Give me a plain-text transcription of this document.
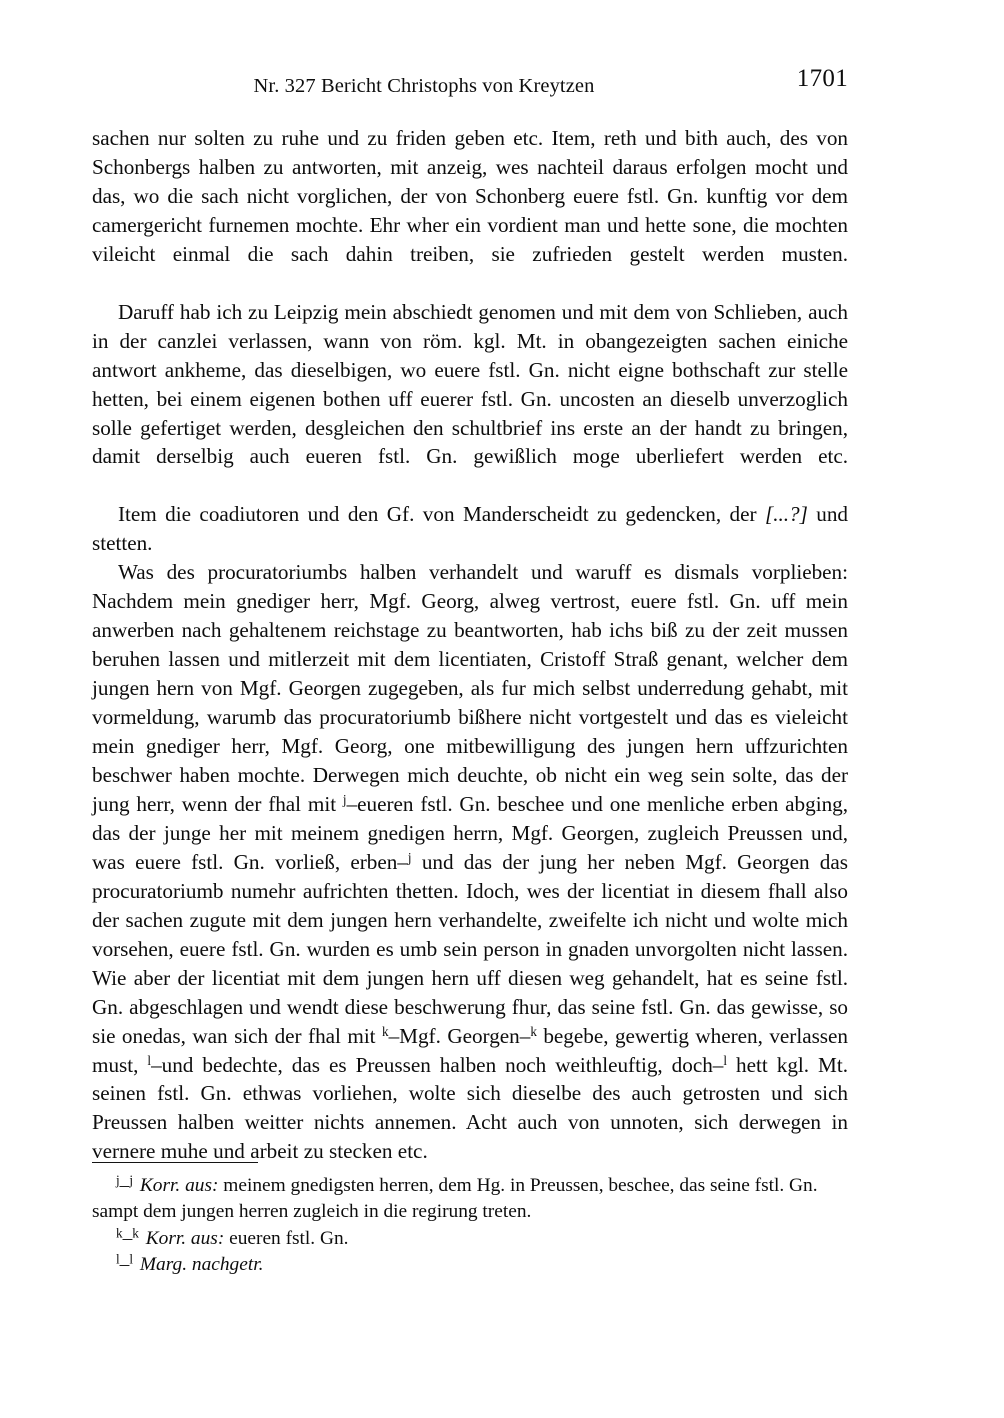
Nr. 327 Bericht Christophs von Kreytzen	1701

sachen nur solten zu ruhe und zu friden geben etc. Item, reth und bith auch, des von Schonbergs halben zu antworten, mit anzeig, wes nachteil daraus erfolgen mocht und das, wo die sach nicht vorglichen, der von Schonberg euere fstl. Gn. kunftig vor dem camergericht furnemen mochte. Ehr wher ein vordient man und hette sone, die mochten vileicht einmal die sach dahin treiben, sie zufrieden gestelt werden musten.

Daruff hab ich zu Leipzig mein abschiedt genomen und mit dem von Schlieben, auch in der canzlei verlassen, wann von röm. kgl. Mt. in obangezeigten sachen einiche antwort ankheme, das dieselbigen, wo euere fstl. Gn. nicht eigne bothschaft zur stelle hetten, bei einem eigenen bothen uff euerer fstl. Gn. uncosten an dieselb unverzoglich solle gefertiget werden, desgleichen den schultbrief ins erste an der handt zu bringen, damit derselbig auch eueren fstl. Gn. gewißlich moge uberliefert werden etc.

Item die coadiutoren und den Gf. von Manderscheidt zu gedencken, der [...?] und stetten.

Was des procuratoriumbs halben verhandelt und waruff es dismals vorplieben: Nachdem mein gnediger herr, Mgf. Georg, alweg vertrost, euere fstl. Gn. uff mein anwerben nach gehaltenem reichstage zu beantworten, hab ichs biß zu der zeit mussen beruhen lassen und mitlerzeit mit dem licentiaten, Cristoff Straß genant, welcher dem jungen hern von Mgf. Georgen zugegeben, als fur mich selbst underredung gehabt, mit vormeldung, warumb das procuratoriumb bißhere nicht vortgestelt und das es vieleicht mein gnediger herr, Mgf. Georg, one mitbewilligung des jungen hern uffzurichten beschwer haben mochte. Derwegen mich deuchte, ob nicht ein weg sein solte, das der jung herr, wenn der fhal mit $^j$–eueren fstl. Gn. beschee und one menliche erben abging, das der junge her mit meinem gnedigen herrn, Mgf. Georgen, zugleich Preussen und, was euere fstl. Gn. vorließ, erben–$^j$ und das der jung her neben Mgf. Georgen das procuratoriumb numehr aufrichten thetten. Idoch, wes der licentiat in diesem fhall also der sachen zugute mit dem jungen hern verhandelte, zweifelte ich nicht und wolte mich vorsehen, euere fstl. Gn. wurden es umb sein person in gnaden unvorgolten nicht lassen. Wie aber der licentiat mit dem jungen hern uff diesen weg gehandelt, hat es seine fstl. Gn. abgeschlagen und wendt diese beschwerung fhur, das seine fstl. Gn. das gewisse, so sie onedas, wan sich der fhal mit $^k$–Mgf. Georgen–$^k$ begebe, gewertig wheren, verlassen must, $^l$–und bedechte, das es Preussen halben noch weithleuftig, doch–$^l$ hett kgl. Mt. seinen fstl. Gn. ethwas vorliehen, wolte sich dieselbe des auch getrosten und sich Preussen halben weitter nichts annemen. Acht auch von unnoten, sich derwegen in vernere muhe und arbeit zu stecken etc.

$^j$–$^j$ Korr. aus: meinem gnedigsten herren, dem Hg. in Preussen, beschee, das seine fstl. Gn. sampt dem jungen herren zugleich in die regirung treten.

$^k$–$^k$ Korr. aus: eueren fstl. Gn.

$^l$–$^l$ Marg. nachgetr.
